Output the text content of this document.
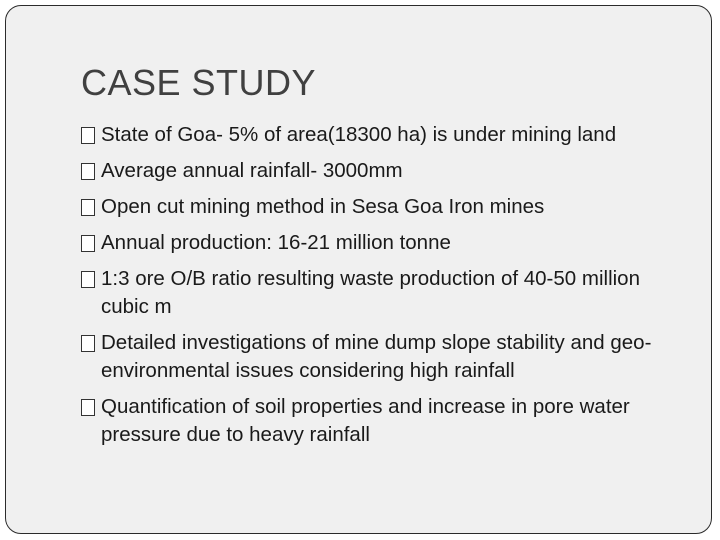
CASE STUDY
State of Goa- 5% of area(18300 ha) is under mining land
Average annual rainfall- 3000mm
Open cut mining method in Sesa Goa Iron mines
Annual production: 16-21 million tonne
1:3 ore O/B ratio resulting waste production of 40-50 million cubic m
Detailed investigations of mine dump slope stability and geo-environmental issues considering high rainfall
Quantification of soil properties and increase in pore water pressure due to heavy rainfall
